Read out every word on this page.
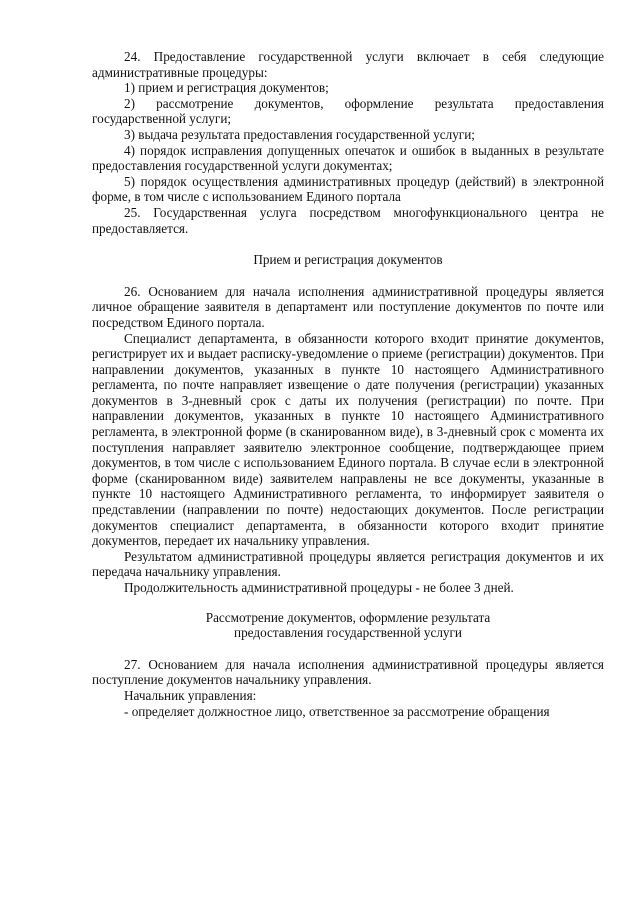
24. Предоставление государственной услуги включает в себя следующие административные процедуры:

1) прием и регистрация документов;

2) рассмотрение документов, оформление результата предоставления государственной услуги;

3) выдача результата предоставления государственной услуги;

4) порядок исправления допущенных опечаток и ошибок в выданных в результате предоставления государственной услуги документах;

5) порядок осуществления административных процедур (действий) в электронной форме, в том числе с использованием Единого портала

25. Государственная услуга посредством многофункционального центра не предоставляется.

Прием и регистрация документов

26. Основанием для начала исполнения административной процедуры является личное обращение заявителя в департамент или поступление документов по почте или посредством Единого портала.

Специалист департамента, в обязанности которого входит принятие документов, регистрирует их и выдает расписку-уведомление о приеме (регистрации) документов. При направлении документов, указанных в пункте 10 настоящего Административного регламента, по почте направляет извещение о дате получения (регистрации) указанных документов в 3-дневный срок с даты их получения (регистрации) по почте. При направлении документов, указанных в пункте 10 настоящего Административного регламента, в электронной форме (в сканированном виде), в 3-дневный срок с момента их поступления направляет заявителю электронное сообщение, подтверждающее прием документов, в том числе с использованием Единого портала. В случае если в электронной форме (сканированном виде) заявителем направлены не все документы, указанные в пункте 10 настоящего Административного регламента, то информирует заявителя о представлении (направлении по почте) недостающих документов. После регистрации документов специалист департамента, в обязанности которого входит принятие документов, передает их начальнику управления.

Результатом административной процедуры является регистрация документов и их передача начальнику управления.

Продолжительность административной процедуры - не более 3 дней.

Рассмотрение документов, оформление результата

предоставления государственной услуги

27. Основанием для начала исполнения административной процедуры является поступление документов начальнику управления.

Начальник управления:

- определяет должностное лицо, ответственное за рассмотрение обращения
